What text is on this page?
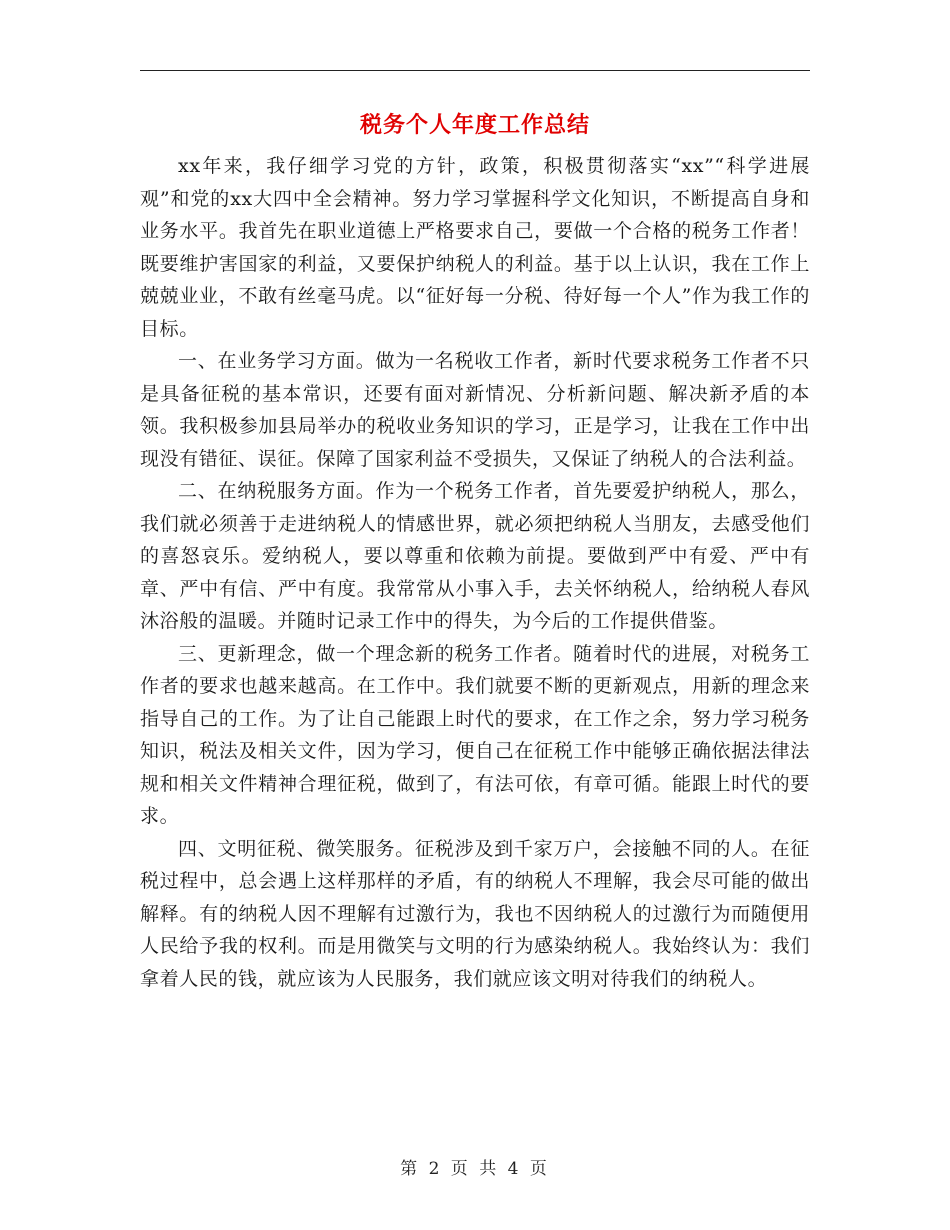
税务个人年度工作总结

xx年来，我仔细学习党的方针，政策，积极贯彻落实“xx”“科学进展观”和党的xx大四中全会精神。努力学习掌握科学文化知识，不断提高自身和业务水平。我首先在职业道德上严格要求自己，要做一个合格的税务工作者！既要维护害国家的利益，又要保护纳税人的利益。基于以上认识，我在工作上兢兢业业，不敢有丝毫马虎。以“征好每一分税、待好每一个人”作为我工作的目标。

一、在业务学习方面。做为一名税收工作者，新时代要求税务工作者不只是具备征税的基本常识，还要有面对新情况、分析新问题、解决新矛盾的本领。我积极参加县局举办的税收业务知识的学习，正是学习，让我在工作中出现没有错征、误征。保障了国家利益不受损失，又保证了纳税人的合法利益。

二、在纳税服务方面。作为一个税务工作者，首先要爱护纳税人，那么，我们就必须善于走进纳税人的情感世界，就必须把纳税人当朋友，去感受他们的喜怒哀乐。爱纳税人，要以尊重和依赖为前提。要做到严中有爱、严中有章、严中有信、严中有度。我常常从小事入手，去关怀纳税人，给纳税人春风沐浴般的温暖。并随时记录工作中的得失，为今后的工作提供借鉴。

三、更新理念，做一个理念新的税务工作者。随着时代的进展，对税务工作者的要求也越来越高。在工作中。我们就要不断的更新观点，用新的理念来指导自己的工作。为了让自己能跟上时代的要求，在工作之余，努力学习税务知识，税法及相关文件，因为学习，便自己在征税工作中能够正确依据法律法规和相关文件精神合理征税，做到了，有法可依，有章可循。能跟上时代的要求。

四、文明征税、微笑服务。征税涉及到千家万户，会接触不同的人。在征税过程中，总会遇上这样那样的矛盾，有的纳税人不理解，我会尽可能的做出解释。有的纳税人因不理解有过激行为，我也不因纳税人的过激行为而随便用人民给予我的权利。而是用微笑与文明的行为感染纳税人。我始终认为：我们拿着人民的钱，就应该为人民服务，我们就应该文明对待我们的纳税人。

第 2 页 共 4 页
